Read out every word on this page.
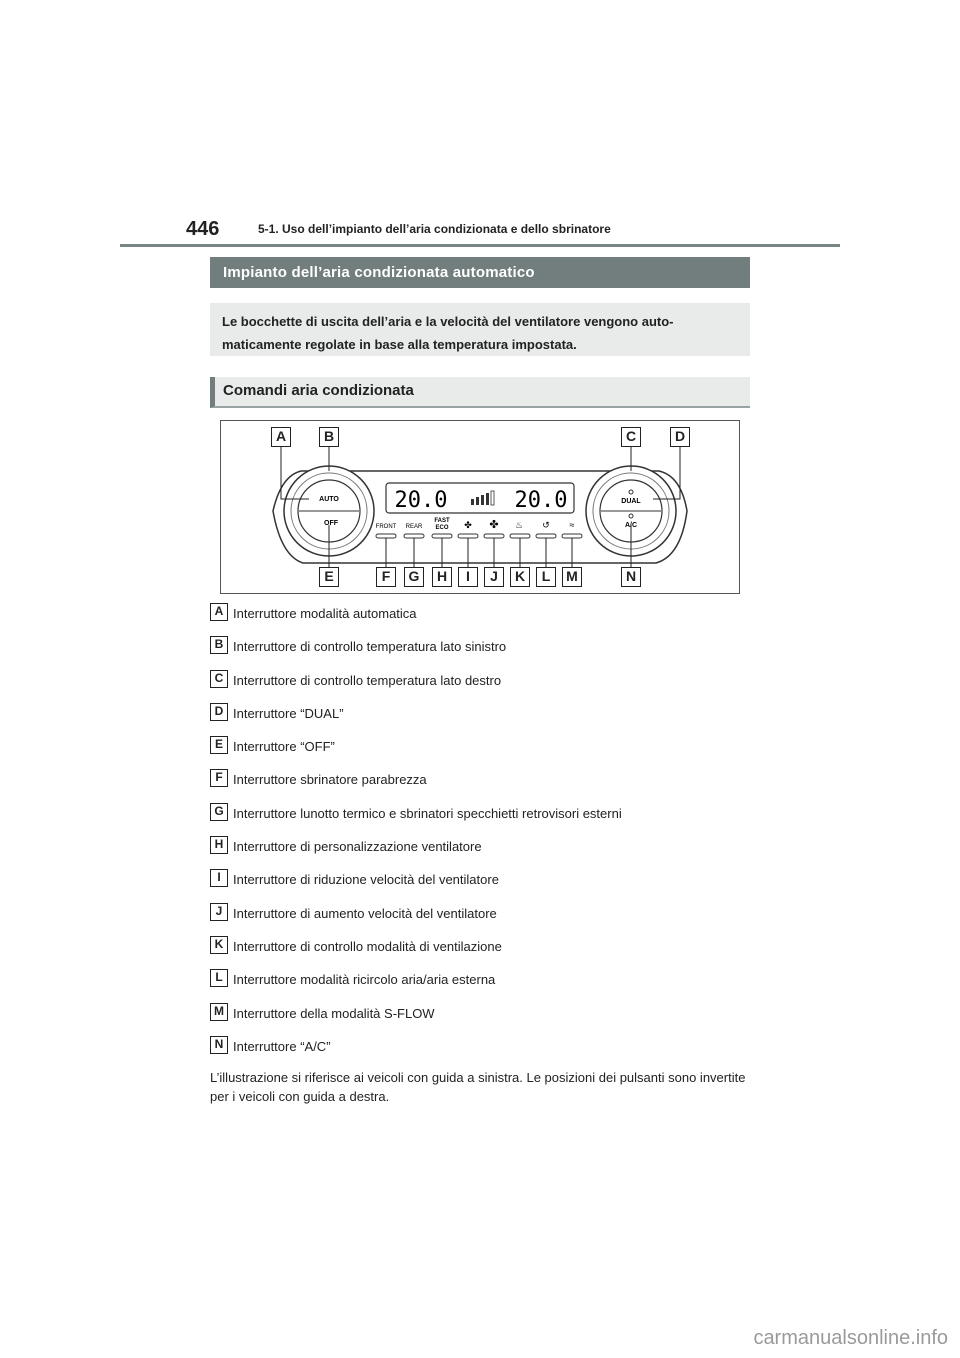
446	5-1. Uso dell’impianto dell’aria condizionata e dello sbrinatore
Impianto dell’aria condizionata automatico
Le bocchette di uscita dell’aria e la velocità del ventilatore vengono auto-maticamente regolate in base alla temperatura impostata.
Comandi aria condizionata
AUTO
OFF
DUAL
A/C
20.0	20.0
FRONT REAR
FAST
ECO ✤ ✤ ♨ ↺ ≈
A	B	C	D
E	F	G	H	I	J	K	L	M	N
A Interruttore modalità automatica
B Interruttore di controllo temperatura lato sinistro
C Interruttore di controllo temperatura lato destro
D Interruttore “DUAL”
E Interruttore “OFF”
F Interruttore sbrinatore parabrezza
G Interruttore lunotto termico e sbrinatori specchietti retrovisori esterni
H Interruttore di personalizzazione ventilatore
I Interruttore di riduzione velocità del ventilatore
J Interruttore di aumento velocità del ventilatore
K Interruttore di controllo modalità di ventilazione
L Interruttore modalità ricircolo aria/aria esterna
M Interruttore della modalità S-FLOW
N Interruttore “A/C”
L’illustrazione si riferisce ai veicoli con guida a sinistra. Le posizioni dei pulsanti sono invertite per i veicoli con guida a destra.
carmanualsonline.info
